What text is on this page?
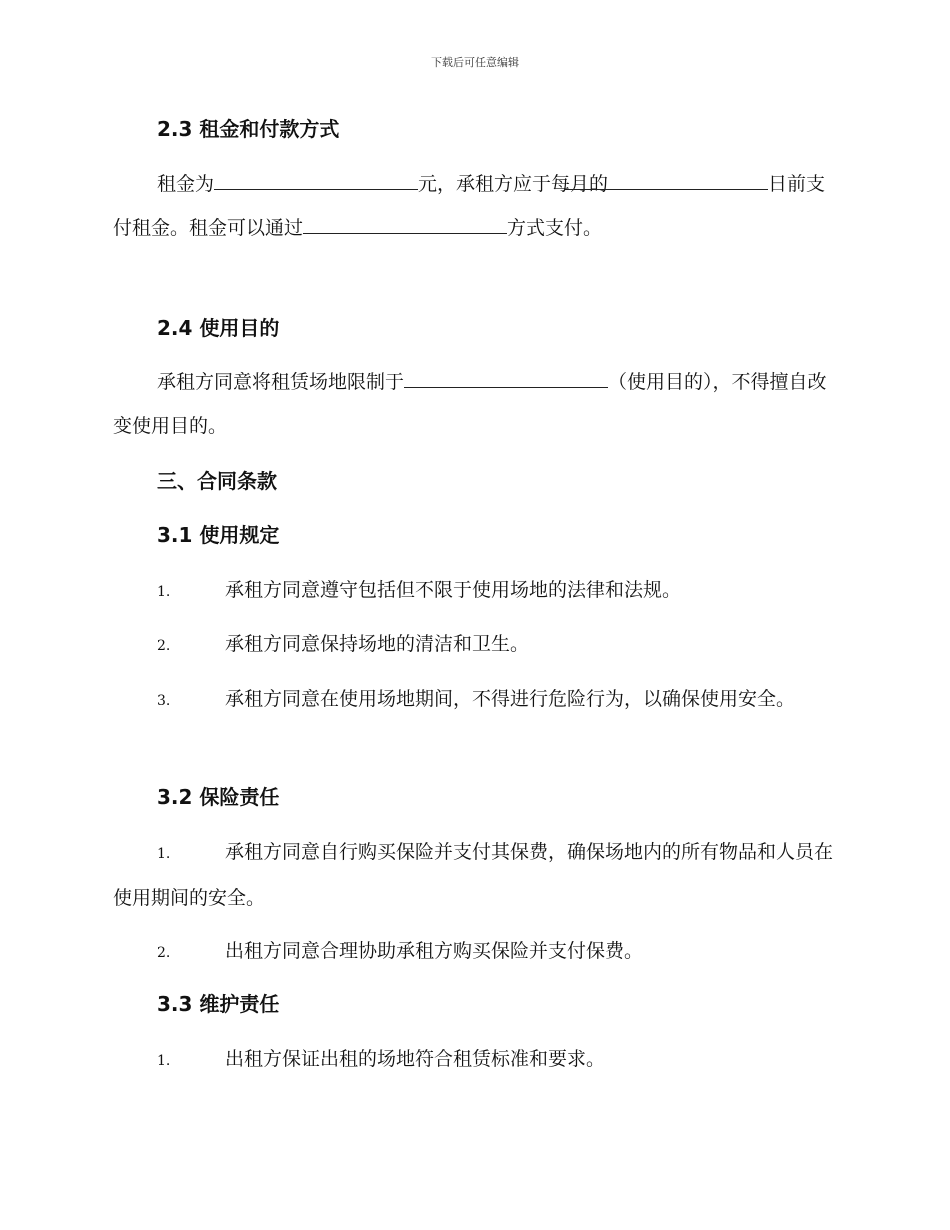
下载后可任意编辑
2.3 租金和付款方式

租金为	元，承租方应于每月的	日前支付租金。租金可以通过	方式支付。

2.4 使用目的

承租方同意将租赁场地限制于	（使用目的），不得擅自改变使用目的。

三、合同条款
3.1 使用规定

1.	承租方同意遵守包括但不限于使用场地的法律和法规。

2.	承租方同意保持场地的清洁和卫生。

3.	承租方同意在使用场地期间，不得进行危险行为，以确保使用安全。

3.2 保险责任

1.	承租方同意自行购买保险并支付其保费，确保场地内的所有物品和人员在使用期间的安全。

2.	出租方同意合理协助承租方购买保险并支付保费。

3.3 维护责任

1.	出租方保证出租的场地符合租赁标准和要求。
